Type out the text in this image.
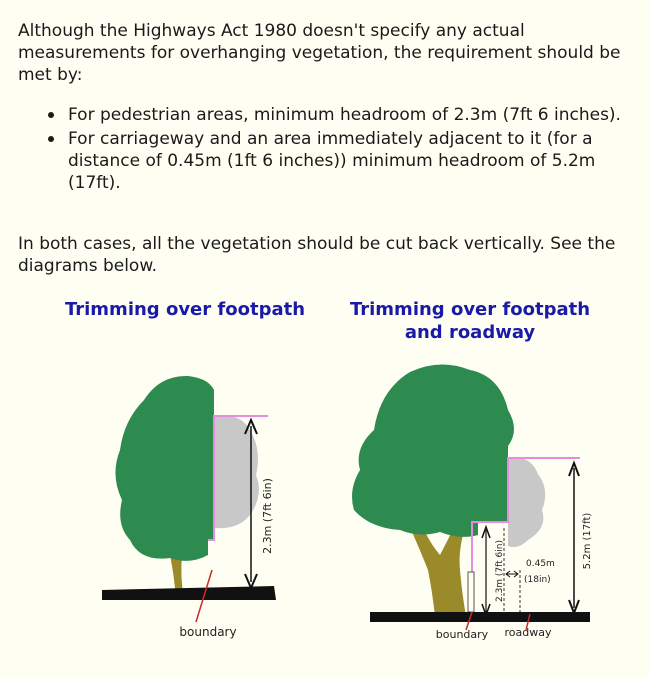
Although the Highways Act 1980 doesn't specify any actual measurements for overhanging vegetation, the requirement should be met by:

For pedestrian areas, minimum headroom of 2.3m (7ft 6 inches).
For carriageway and an area immediately adjacent to it (for a distance of 0.45m (1ft 6 inches)) minimum headroom of 5.2m (17ft).

In both cases, all the vegetation should be cut back vertically. See the diagrams below.

Trimming over footpath	Trimming over footpath and roadway
2.3m (7ft 6in)
boundary
2.3m (7ft 6in) 0.45m
(18in)
5.2m (17ft)
boundary roadway
